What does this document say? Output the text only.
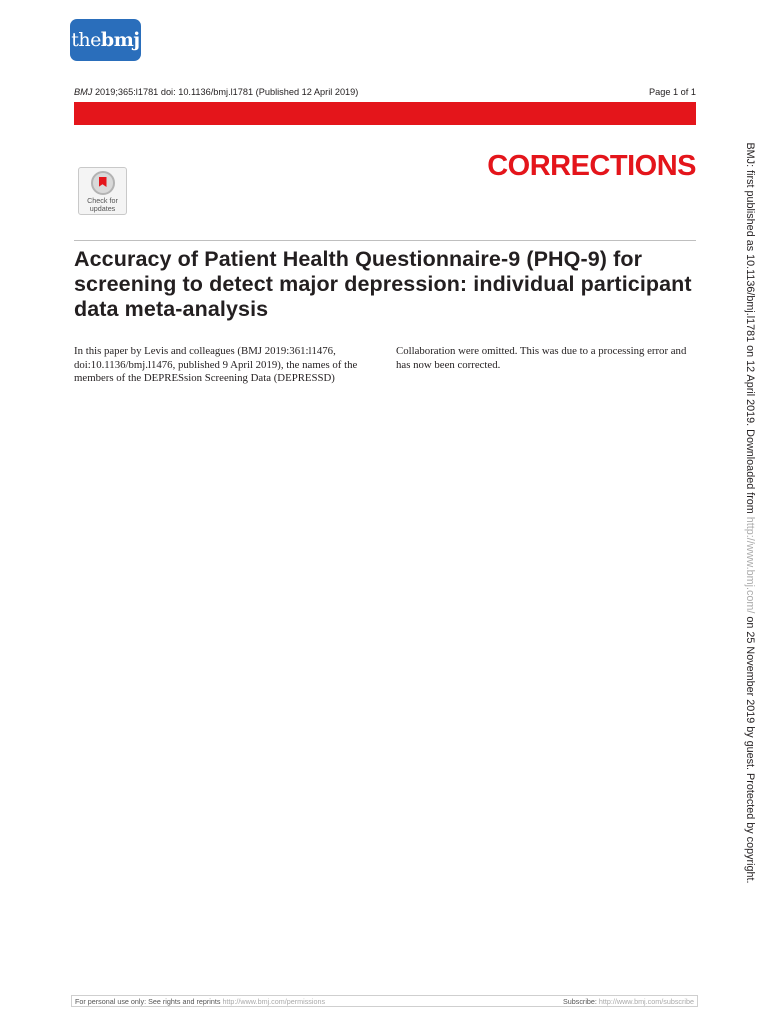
thebmj
BMJ 2019;365:l1781 doi: 10.1136/bmj.l1781 (Published 12 April 2019)	Page 1 of 1
CORRECTIONS
Check for
updates
Accuracy of Patient Health Questionnaire-9 (PHQ-9) for screening to detect major depression: individual participant data meta-analysis

In this paper by Levis and colleagues (BMJ 2019:361:l1476, doi:10.1136/bmj.l1476, published 9 April 2019), the names of the members of the DEPRESsion Screening Data (DEPRESSD)

Collaboration were omitted. This was due to a processing error and has now been corrected.	BMJ: first published as 10.1136/bmj.l1781 on 12 April 2019. Downloaded from http://www.bmj.com/ on 25 November 2019 by guest. Protected by copyright.
For personal use only: See rights and reprints http://www.bmj.com/permissions	Subscribe: http://www.bmj.com/subscribe
